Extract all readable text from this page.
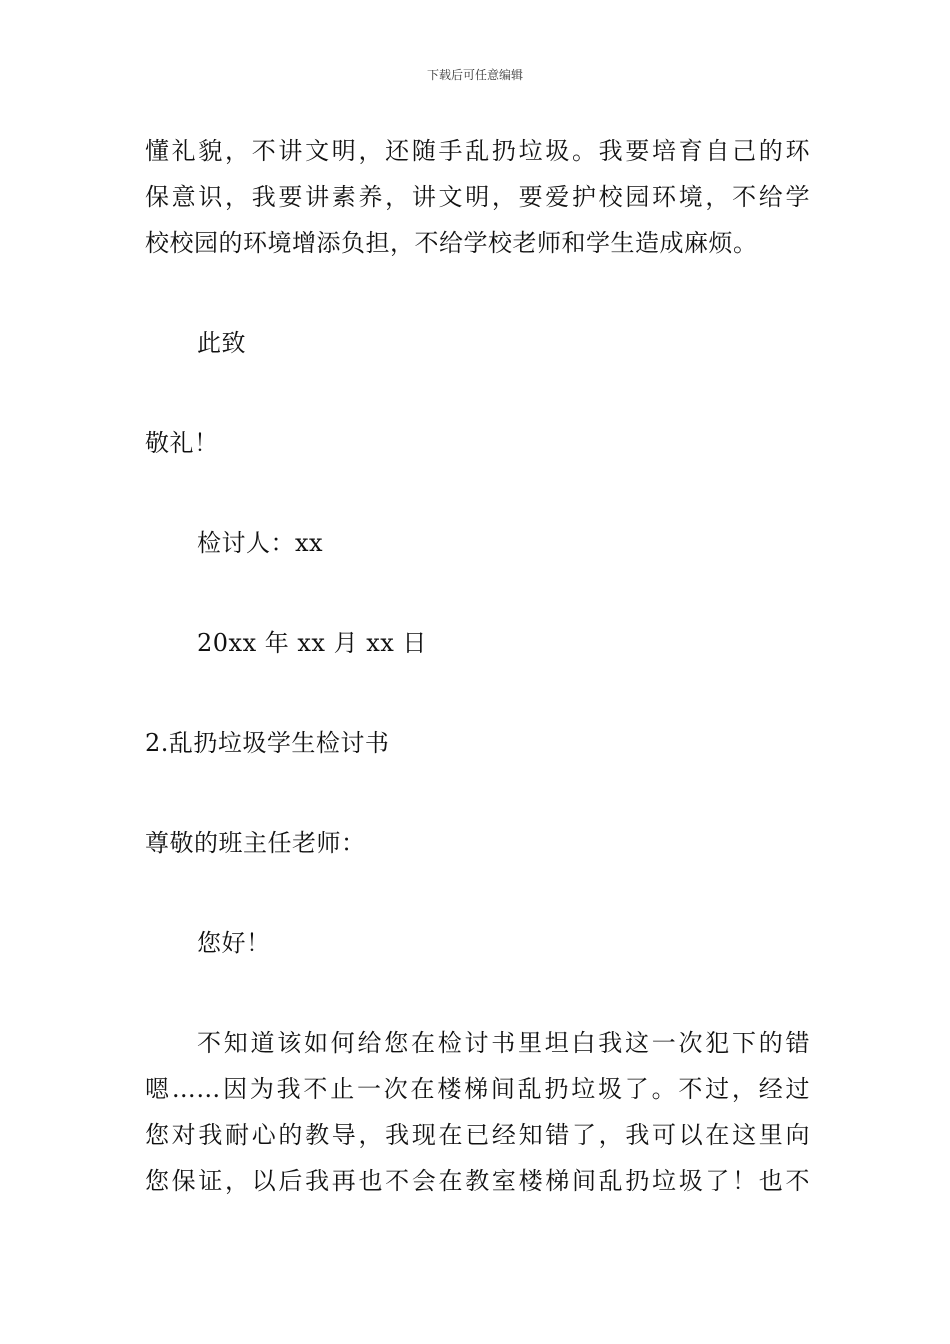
下载后可任意编辑
懂礼貌，不讲文明，还随手乱扔垃圾。我要培育自己的环
保意识，我要讲素养，讲文明，要爱护校园环境，不给学
校校园的环境增添负担，不给学校老师和学生造成麻烦。
此致
敬礼！
检讨人：xx
20xx 年 xx 月 xx 日
2.乱扔垃圾学生检讨书
尊敬的班主任老师：
您好！
不知道该如何给您在检讨书里坦白我这一次犯下的错
嗯……因为我不止一次在楼梯间乱扔垃圾了。不过，经过
您对我耐心的教导，我现在已经知错了，我可以在这里向
您保证，以后我再也不会在教室楼梯间乱扔垃圾了！也不
